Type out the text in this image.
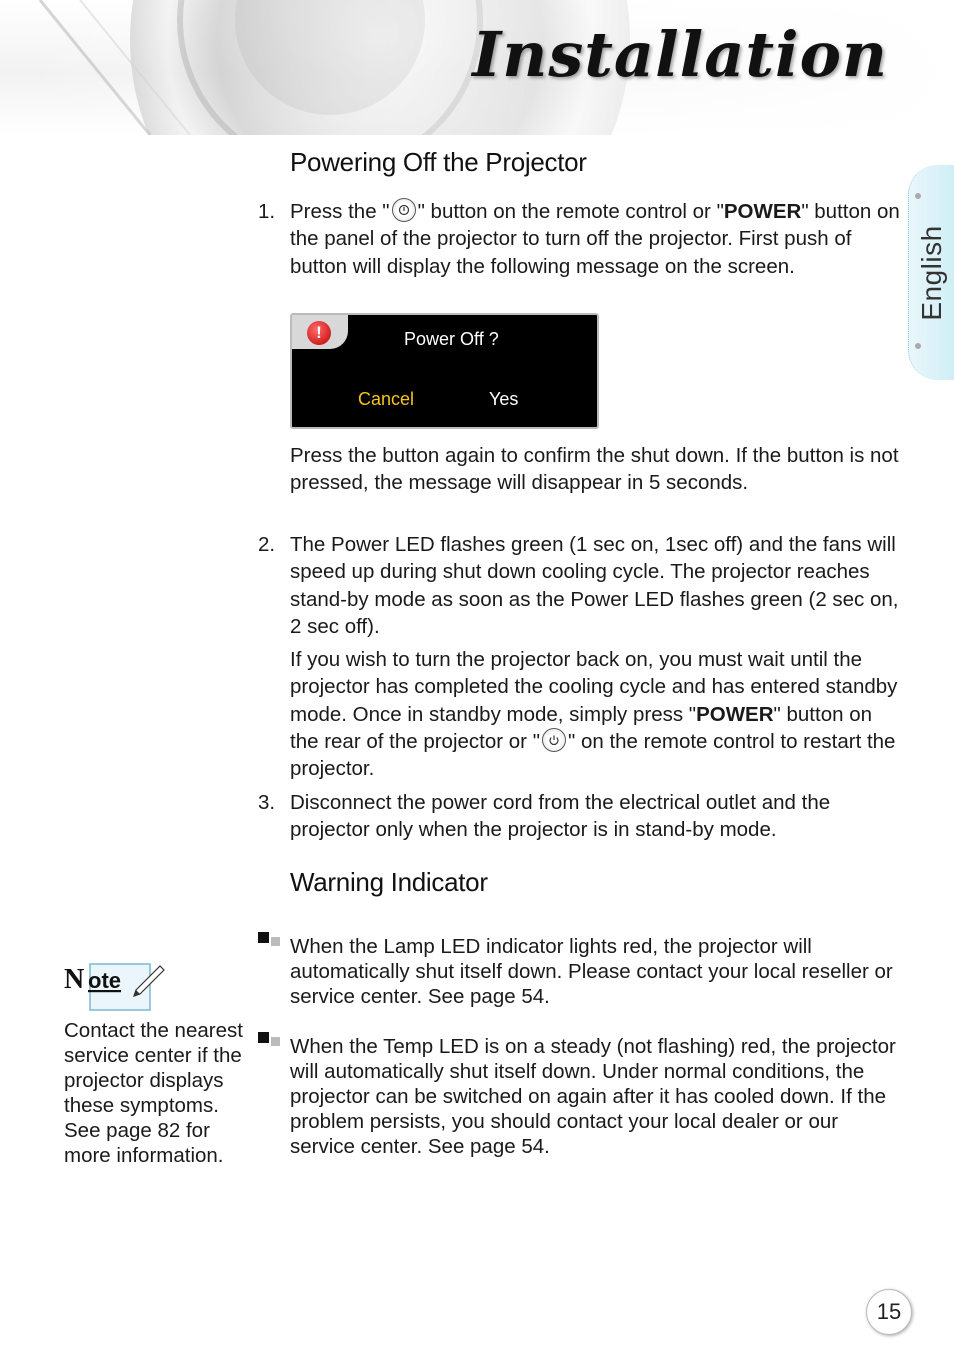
Installation
English
Powering Off the Projector
1. Press the " " button on the remote control or "POWER" button on the panel of the projector to turn off the projector. First push of button will display the following message on the screen.
!	Power Off ?
Cancel	Yes
Press the button again to confirm the shut down. If the button is not pressed, the message will disappear in 5 seconds.
2. The Power LED flashes green (1 sec on, 1sec off) and the fans will speed up during shut down cooling cycle. The projector reaches stand-by mode as soon as the Power LED flashes green (2 sec on, 2 sec off).
If you wish to turn the projector back on, you must wait until the projector has completed the cooling cycle and has entered standby mode. Once in standby mode, simply press "POWER" button on the rear of the projector or " " on the remote control to restart the projector.
3. Disconnect the power cord from the electrical outlet and the projector only when the projector is in stand-by mode.
Warning Indicator
When the Lamp LED indicator lights red, the projector will automatically shut itself down. Please contact your local reseller or service center. See page 54.
When the Temp LED is on a steady (not flashing) red, the projector will automatically shut itself down. Under normal conditions, the projector can be switched on again after it has cooled down. If the problem persists, you should contact your local dealer or our service center. See page 54.
N ote
Contact the nearest service center if the projector displays these symptoms. See page 82 for more information.
15
